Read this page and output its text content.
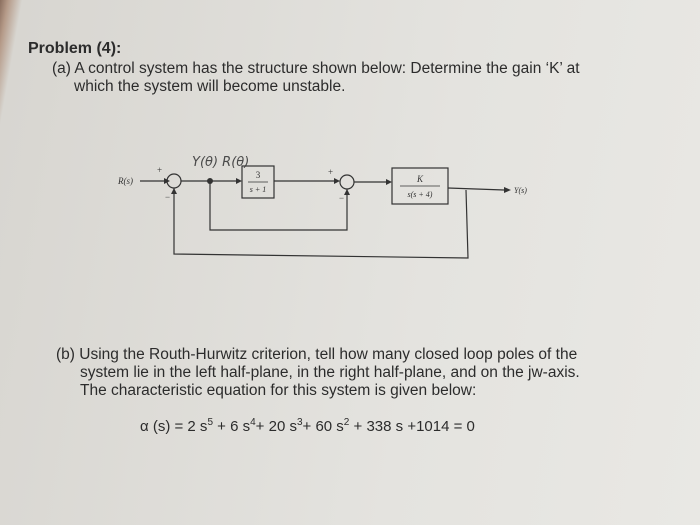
Problem (4):
(a) A control system has the structure shown below: Determine the gain ‘K’ at
which the system will become unstable.
Y(θ) R(θ)
R(s)
+
−
3
s + 1
+
−
K
s(s + 4)	Y(s)
(b) Using the Routh-Hurwitz criterion, tell how many closed loop poles of the
system lie in the left half-plane, in the right half-plane, and on the jw-axis.
The characteristic equation for this system is given below:
α (s) = 2 $s^5 + 6$ $s^4+ 20$ $s^3+ 60$ $s^2 + 338$ s +1014 = 0
